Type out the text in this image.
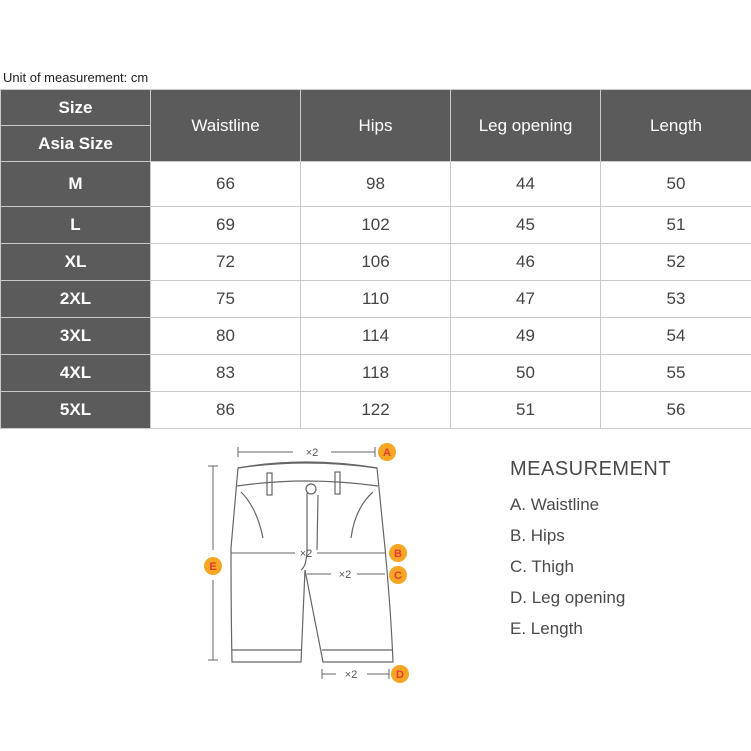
Unit of measurement: cm
Size
Asia Size	Waistline	Hips	Leg opening	Length
M	66	98	44	50
L	69	102	45	51
XL	72	106	46	52
2XL	75	110	47	53
3XL	80	114	49	54
4XL	83	118	50	55
5XL	86	122	51	56
×2
×2
×2
×2
A
B
C
D
E
MEASUREMENT
A. Waistline
B. Hips
C. Thigh
D. Leg opening
E. Length
